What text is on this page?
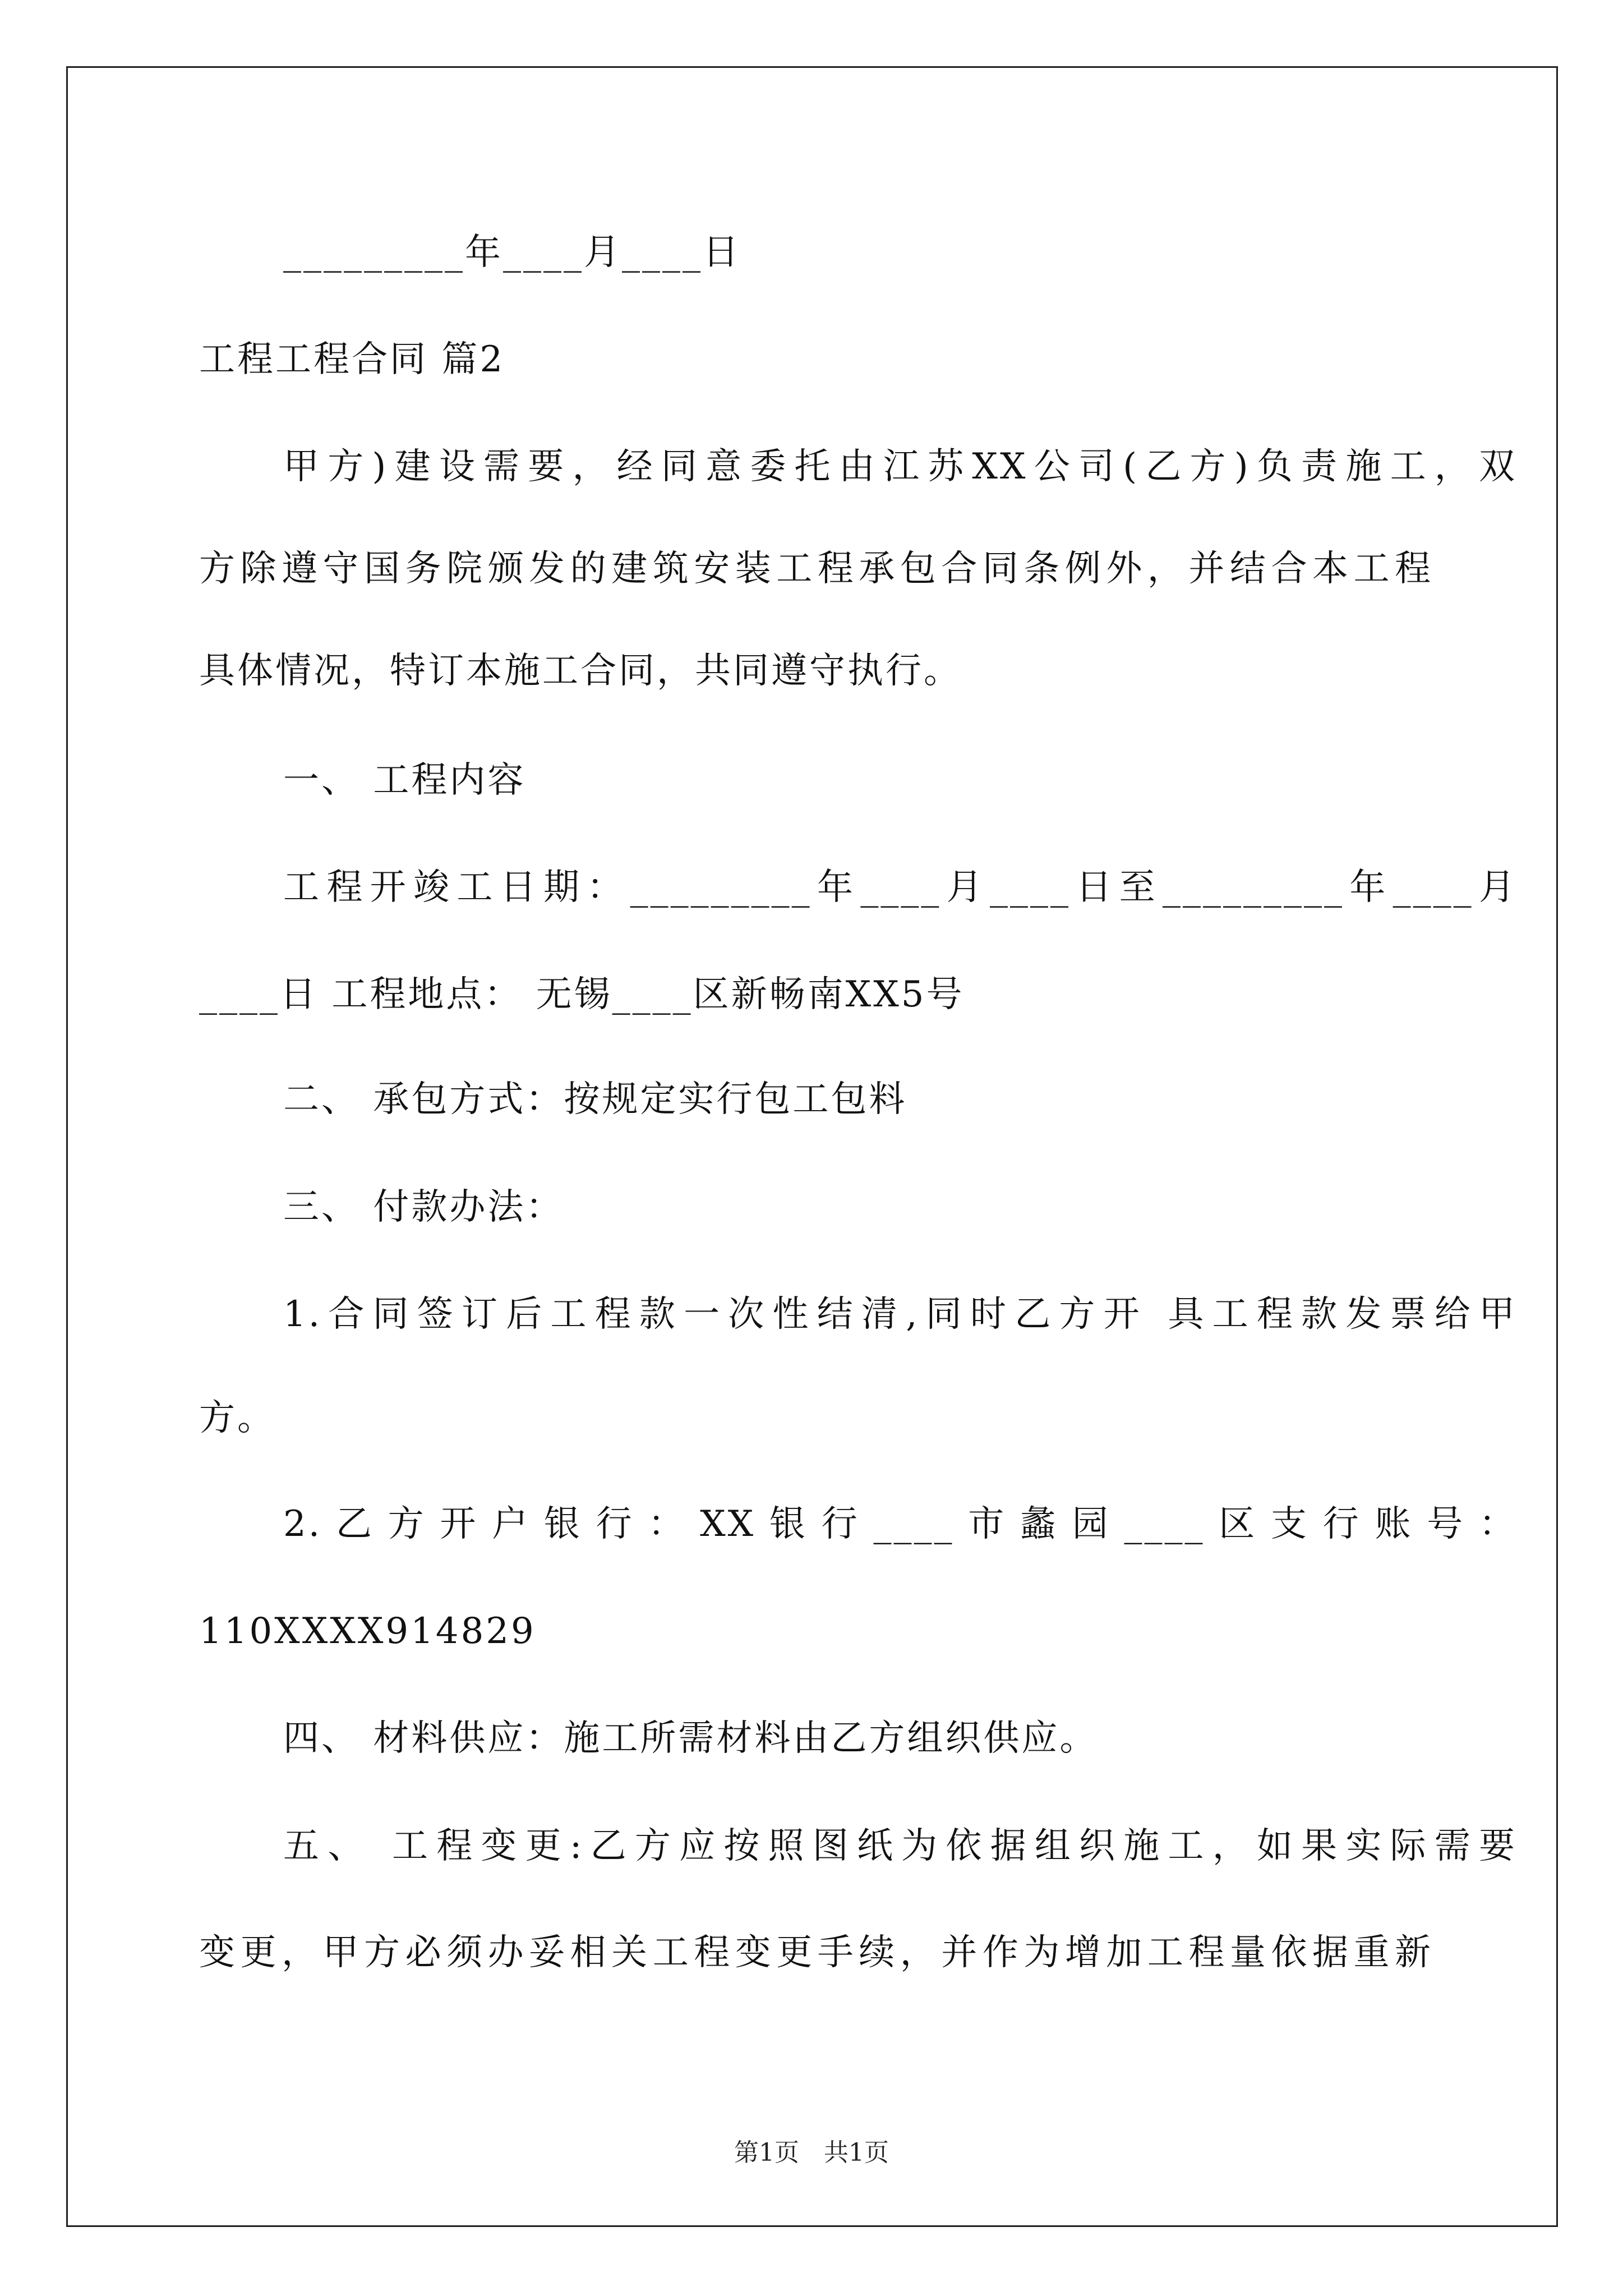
_________年____月____日
工程工程合同 篇2
甲方)建设需要，经同意委托由江苏XX公司(乙方)负责施工，双
方除遵守国务院颁发的建筑安装工程承包合同条例外，并结合本工程
具体情况，特订本施工合同，共同遵守执行。
一、 工程内容
工程开竣工日期：_________年____月____日至_________年____月
____日 工程地点： 无锡____区新畅南XX5号
二、 承包方式：按规定实行包工包料
三、 付款办法：
1.合同签订后工程款一次性结清,同时乙方开 具工程款发票给甲
方。
2.乙方开户银行：XX银行____市蠡园____区支行账号：
110XXXX914829
四、 材料供应：施工所需材料由乙方组织供应。
五、 工程变更:乙方应按照图纸为依据组织施工，如果实际需要
变更，甲方必须办妥相关工程变更手续，并作为增加工程量依据重新
第1页　共1页
